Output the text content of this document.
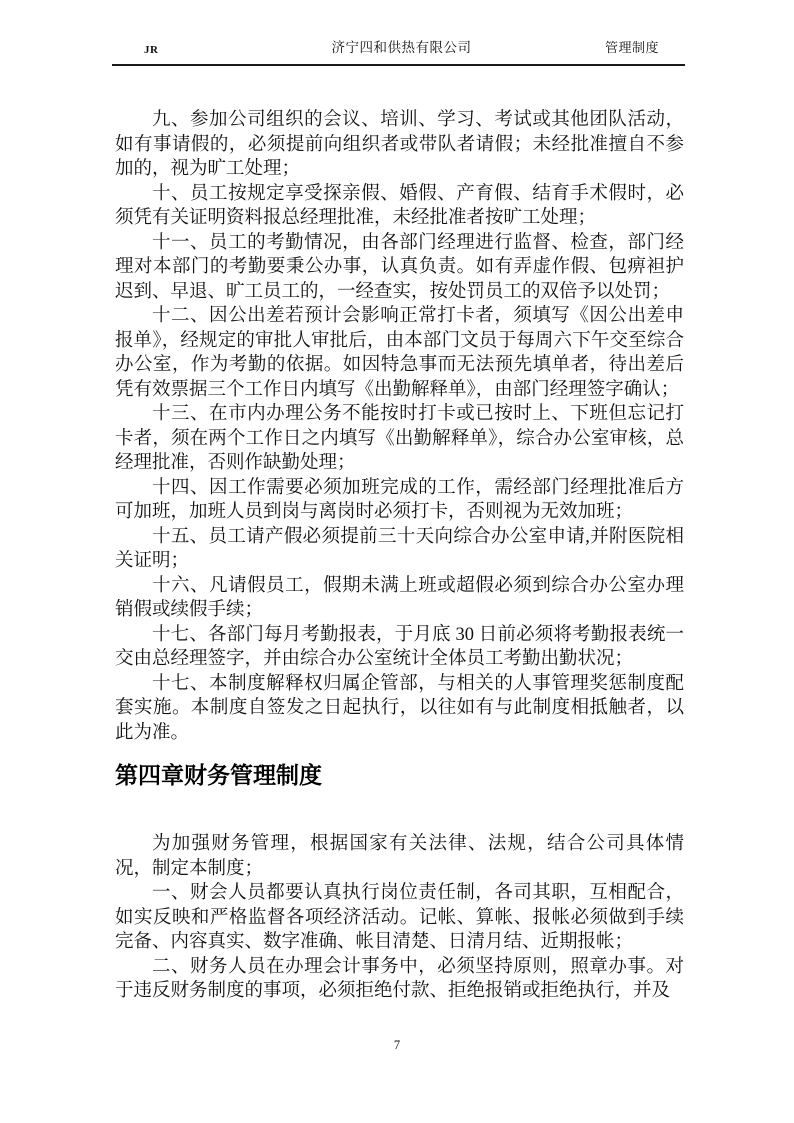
JR	济宁四和供热有限公司	管理制度

九、参加公司组织的会议、培训、学习、考试或其他团队活动，如有事请假的，必须提前向组织者或带队者请假；未经批准擅自不参加的，视为旷工处理；

十、员工按规定享受探亲假、婚假、产育假、结育手术假时，必须凭有关证明资料报总经理批准，未经批准者按旷工处理；

十一、员工的考勤情况，由各部门经理进行监督、检查，部门经理对本部门的考勤要秉公办事，认真负责。如有弄虚作假、包痹袒护迟到、早退、旷工员工的，一经查实，按处罚员工的双倍予以处罚；

十二、因公出差若预计会影响正常打卡者，须填写《因公出差申报单》，经规定的审批人审批后，由本部门文员于每周六下午交至综合办公室，作为考勤的依据。如因特急事而无法预先填单者，待出差后凭有效票据三个工作日内填写《出勤解释单》，由部门经理签字确认；

十三、在市内办理公务不能按时打卡或已按时上、下班但忘记打卡者，须在两个工作日之内填写《出勤解释单》，综合办公室审核，总经理批准，否则作缺勤处理；

十四、因工作需要必须加班完成的工作，需经部门经理批准后方可加班，加班人员到岗与离岗时必须打卡，否则视为无效加班；

十五、员工请产假必须提前三十天向综合办公室申请,并附医院相关证明；

十六、凡请假员工，假期未满上班或超假必须到综合办公室办理销假或续假手续；

十七、各部门每月考勤报表，于月底 30 日前必须将考勤报表统一交由总经理签字，并由综合办公室统计全体员工考勤出勤状况；

十七、本制度解释权归属企管部，与相关的人事管理奖惩制度配套实施。本制度自签发之日起执行，以往如有与此制度相抵触者，以此为准。

第四章财务管理制度

为加强财务管理，根据国家有关法律、法规，结合公司具体情况，制定本制度；

一、财会人员都要认真执行岗位责任制，各司其职，互相配合，如实反映和严格监督各项经济活动。记帐、算帐、报帐必须做到手续完备、内容真实、数字准确、帐目清楚、日清月结、近期报帐；

二、财务人员在办理会计事务中，必须坚持原则，照章办事。对于违反财务制度的事项，必须拒绝付款、拒绝报销或拒绝执行，并及

7
